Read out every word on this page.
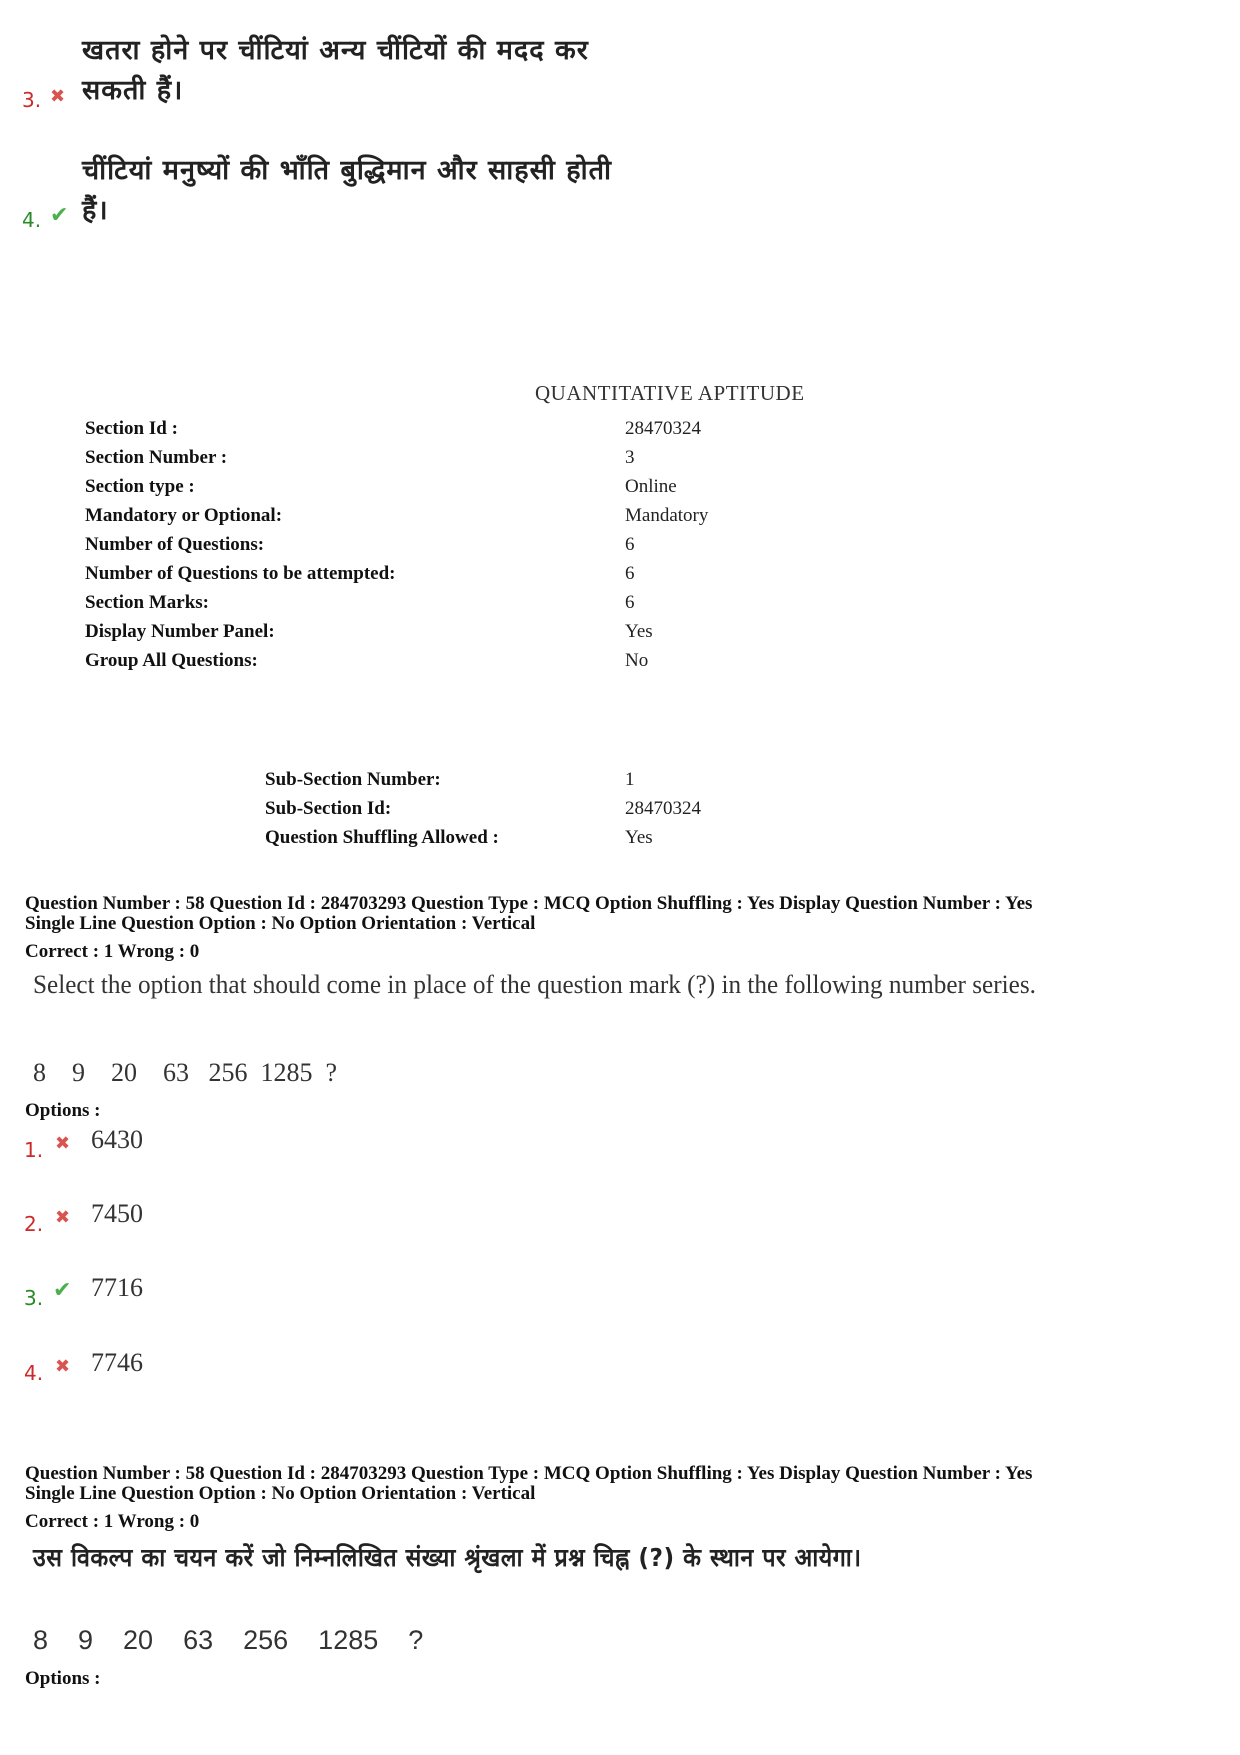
3. ✖
खतरा होने पर चींटियां अन्य चींटियों की मदद कर
सकती हैं।
4. ✔
चींटियां मनुष्यों की भाँति बुद्धिमान और साहसी होती
हैं।
QUANTITATIVE APTITUDE
Section Id :	28470324
Section Number :	3
Section type :	Online
Mandatory or Optional:	Mandatory
Number of Questions:	6
Number of Questions to be attempted:	6
Section Marks:	6
Display Number Panel:	Yes
Group All Questions:	No
Sub-Section Number:	1
Sub-Section Id:	28470324
Question Shuffling Allowed :	Yes
Question Number : 58 Question Id : 284703293 Question Type : MCQ Option Shuffling : Yes Display Question Number : Yes
Single Line Question Option : No Option Orientation : Vertical
Correct : 1 Wrong : 0
Select the option that should come in place of the question mark (?) in the following number series.
8    9    20    63   256  1285  ?
Options :
1. ✖ 6430
2. ✖ 7450
3. ✔ 7716
4. ✖ 7746
Question Number : 58 Question Id : 284703293 Question Type : MCQ Option Shuffling : Yes Display Question Number : Yes
Single Line Question Option : No Option Orientation : Vertical
Correct : 1 Wrong : 0
उस विकल्प का चयन करें जो निम्नलिखित संख्या श्रृंखला में प्रश्न चिह्न (?) के स्थान पर आयेगा।
8    9    20    63    256    1285    ?
Options :
